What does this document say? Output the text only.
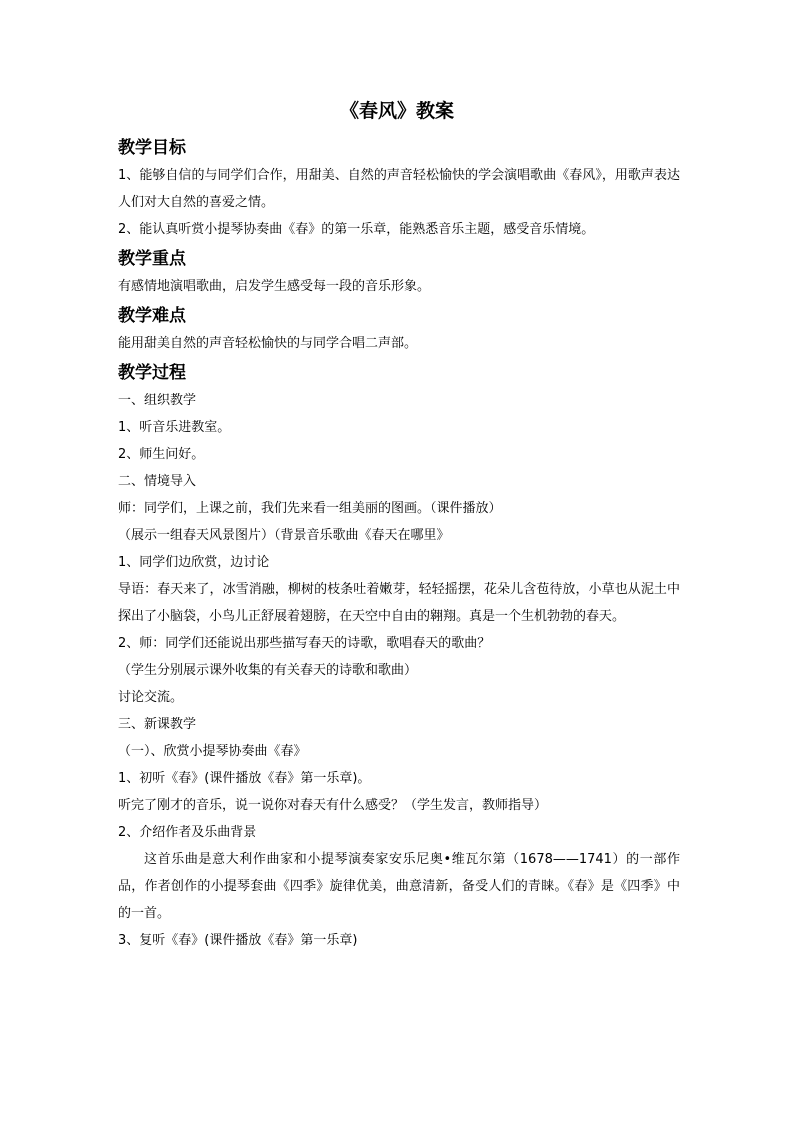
《春风》教案
教学目标

1、能够自信的与同学们合作，用甜美、自然的声音轻松愉快的学会演唱歌曲《春风》，用歌声表达人们对大自然的喜爱之情。

2、能认真听赏小提琴协奏曲《春》的第一乐章，能熟悉音乐主题，感受音乐情境。

教学重点

有感情地演唱歌曲，启发学生感受每一段的音乐形象。

教学难点

能用甜美自然的声音轻松愉快的与同学合唱二声部。

教学过程

一、组织教学

1、听音乐进教室。

2、师生问好。

二、情境导入

师：同学们，上课之前，我们先来看一组美丽的图画。（课件播放）

（展示一组春天风景图片）（背景音乐歌曲《春天在哪里》

1、同学们边欣赏，边讨论

导语：春天来了，冰雪消融，柳树的枝条吐着嫩芽，轻轻摇摆，花朵儿含苞待放，小草也从泥土中探出了小脑袋，小鸟儿正舒展着翅膀，在天空中自由的翱翔。真是一个生机勃勃的春天。

2、师：同学们还能说出那些描写春天的诗歌，歌唱春天的歌曲？

（学生分别展示课外收集的有关春天的诗歌和歌曲）

讨论交流。

三、新课教学

（一）、欣赏小提琴协奏曲《春》

1、初听《春》(课件播放《春》第一乐章)。

听完了刚才的音乐，说一说你对春天有什么感受？（学生发言，教师指导）

2、介绍作者及乐曲背景

这首乐曲是意大利作曲家和小提琴演奏家安乐尼奥•维瓦尔第（1678——1741）的一部作品，作者创作的小提琴套曲《四季》旋律优美，曲意清新，备受人们的青睐。《春》是《四季》中的一首。

3、复听《春》(课件播放《春》第一乐章)
